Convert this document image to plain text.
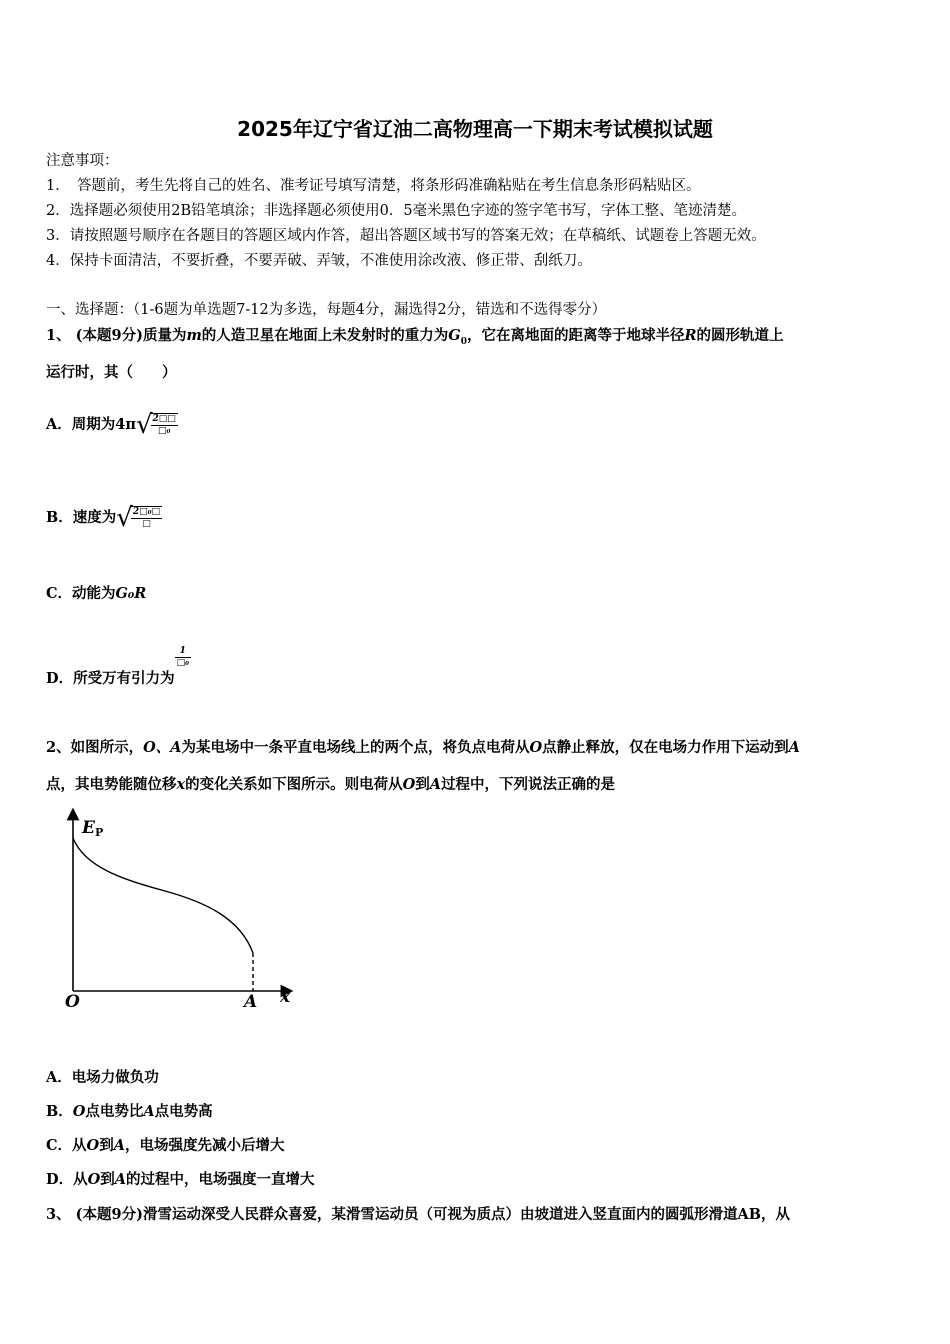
2025年辽宁省辽油二高物理高一下期末考试模拟试题
注意事项：
1．　答题前，考生先将自己的姓名、准考证号填写清楚，将条形码准确粘贴在考生信息条形码粘贴区。
2．选择题必须使用2B铅笔填涂；非选择题必须使用0．5毫米黑色字迹的签字笔书写，字体工整、笔迹清楚。
3．请按照题号顺序在各题目的答题区域内作答，超出答题区域书写的答案无效；在草稿纸、试题卷上答题无效。
4．保持卡面清洁，不要折叠，不要弄破、弄皱，不准使用涂改液、修正带、刮纸刀。
一、选择题：（1-6题为单选题7-12为多选，每题4分，漏选得2分，错选和不选得零分）
1、 (本题9分)质量为m的人造卫星在地面上未发射时的重力为$G_0$，它在离地面的距离等于地球半径R的圆形轨道上
运行时，其（　　）
A．周期为4π√
$\frac{2□□}{\text{□₀}}$
B．速度为√
$\frac{\text{2□₀□}}{□}$
C．动能为G₀R
D．所受万有引力为
$\frac{1}{\text{□₀}}$
2、如图所示，O、A为某电场中一条平直电场线上的两个点，将负点电荷从O点静止释放，仅在电场力作用下运动到A
点，其电势能随位移x的变化关系如下图所示。则电荷从O到A过程中，下列说法正确的是
EP
O	A x
A．电场力做负功
B．O点电势比A点电势高
C．从O到A，电场强度先减小后增大
D．从O到A的过程中，电场强度一直增大
3、 (本题9分)滑雪运动深受人民群众喜爱，某滑雪运动员（可视为质点）由坡道进入竖直面内的圆弧形滑道AB，从
